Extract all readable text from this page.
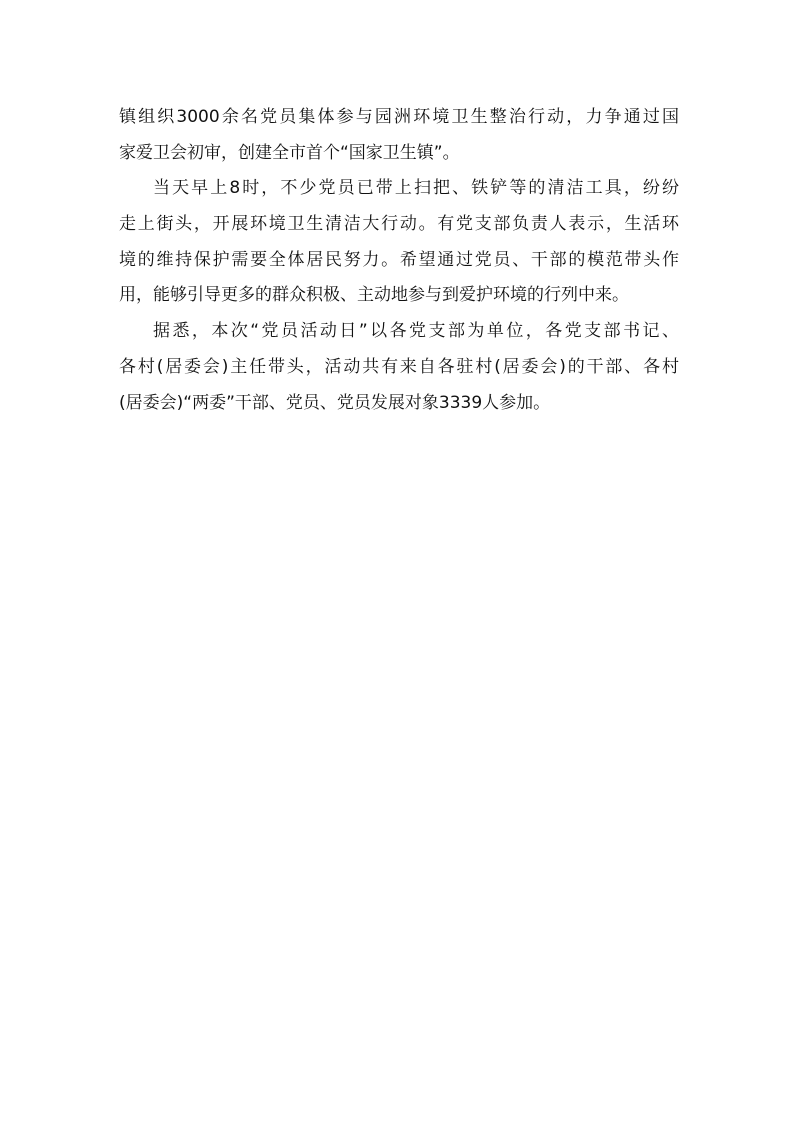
镇组织3000余名党员集体参与园洲环境卫生整治行动，力争通过国
家爱卫会初审，创建全市首个“国家卫生镇”。

当天早上8时，不少党员已带上扫把、铁铲等的清洁工具，纷纷
走上街头，开展环境卫生清洁大行动。有党支部负责人表示，生活环
境的维持保护需要全体居民努力。希望通过党员、干部的模范带头作
用，能够引导更多的群众积极、主动地参与到爱护环境的行列中来。

据悉，本次“党员活动日”以各党支部为单位，各党支部书记、
各村(居委会)主任带头，活动共有来自各驻村(居委会)的干部、各村
(居委会)“两委”干部、党员、党员发展对象3339人参加。
